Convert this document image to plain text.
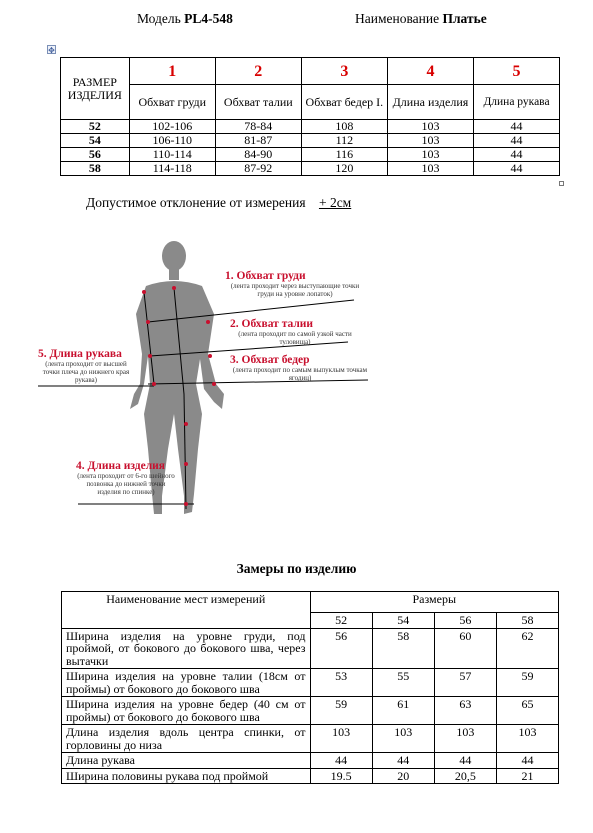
Модель PL4-548	Наименование Платье
✥
РАЗМЕР ИЗДЕЛИЯ	1	2	3	4	5
	Обхват груди	Обхват талии	Обхват бедер I.	Длина изделия	Длина рукава
52	102-106	78-84	108	103	44
54	106-110	81-87	112	103	44
56	110-114	84-90	116	103	44
58	114-118	87-92	120	103	44
Допустимое отклонение от измерения + 2см
1. Обхват груди
(лента проходит через выступающие точки груди на уровне лопаток)
2. Обхват талии
(лента проходит по самой узкой части туловища)
3. Обхват бедер
(лента проходит по самым выпуклым точкам ягодиц)
4. Длина изделия
(лента проходит от 6-го шейного позвонка до нижней точки изделия по спинке)
5. Длина рукава
(лента проходит от высшей точки плеча до нижнего края рукава)
Замеры по изделию
Наименование мест измерений	Размеры			
	52	54	56	58
Ширина изделия на уровне груди, под проймой, от бокового до бокового шва, через вытачки	56	58	60	62
Ширина изделия на уровне талии (18см от проймы) от бокового до бокового шва	53	55	57	59
Ширина изделия на уровне бедер (40 см от проймы) от бокового до бокового шва	59	61	63	65
Длина изделия вдоль центра спинки, от горловины до низа	103	103	103	103
Длина рукава	44	44	44	44
Ширина половины рукава под проймой	19.5	20	20,5	21
